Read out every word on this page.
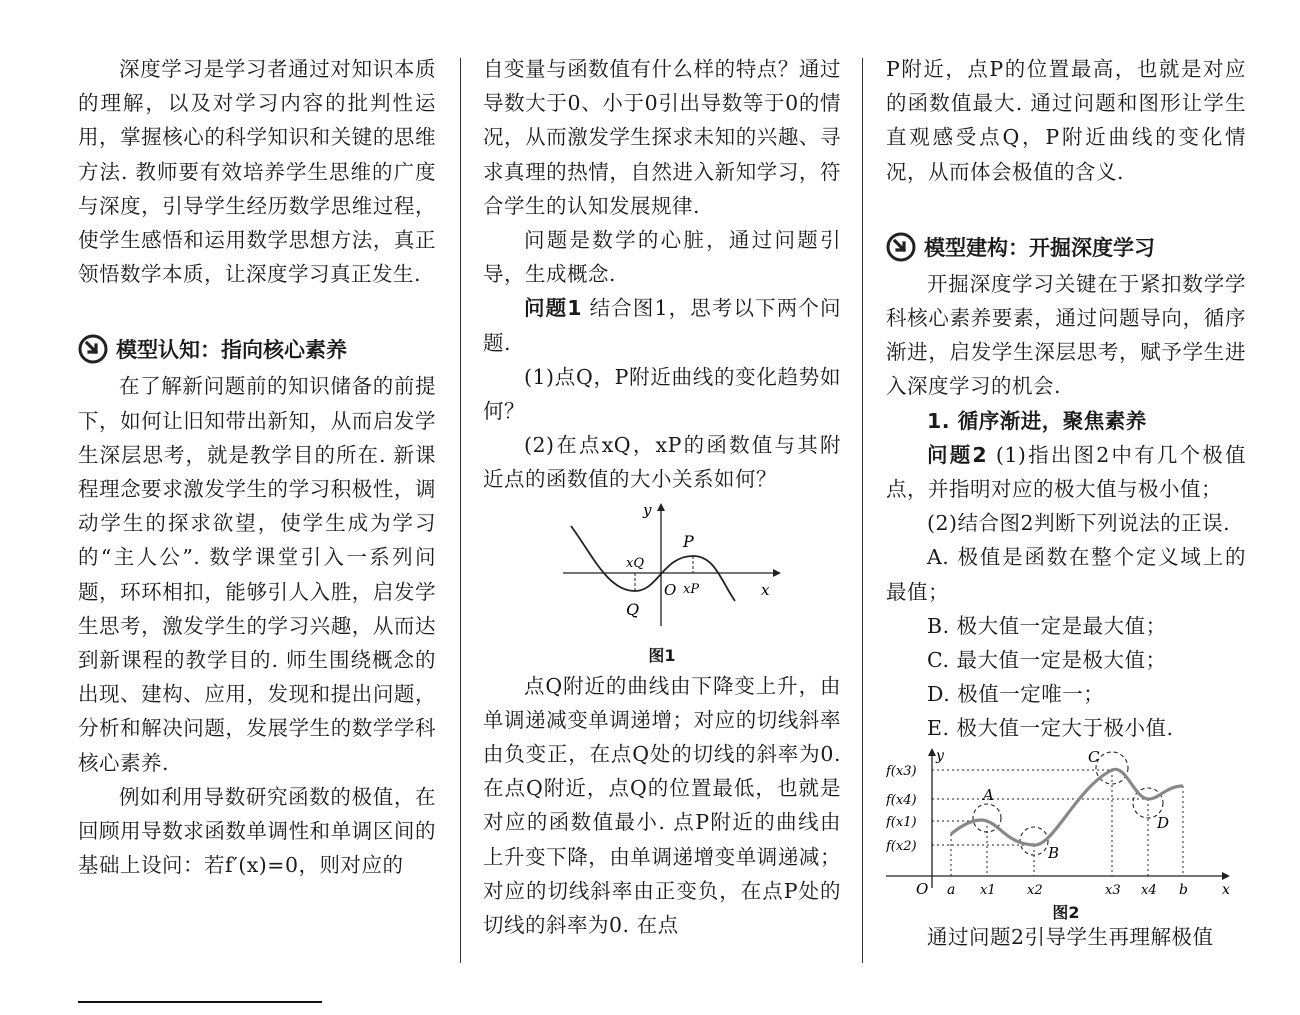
深度学习是学习者通过对知识本质的理解，以及对学习内容的批判性运用，掌握核心的科学知识和关键的思维方法. 教师要有效培养学生思维的广度与深度，引导学生经历数学思维过程，使学生感悟和运用数学思想方法，真正领悟数学本质，让深度学习真正发生.

模型认知：指向核心素养

在了解新问题前的知识储备的前提下，如何让旧知带出新知，从而启发学生深层思考，就是教学目的所在. 新课程理念要求激发学生的学习积极性，调动学生的探求欲望，使学生成为学习的“主人公”. 数学课堂引入一系列问题，环环相扣，能够引人入胜，启发学生思考，激发学生的学习兴趣，从而达到新课程的教学目的. 师生围绕概念的出现、建构、应用，发现和提出问题，分析和解决问题，发展学生的数学学科核心素养.

例如利用导数研究函数的极值，在回顾用导数求函数单调性和单调区间的基础上设问：若f′(x)=0，则对应的

自变量与函数值有什么样的特点？通过导数大于0、小于0引出导数等于0的情况，从而激发学生探求未知的兴趣、寻求真理的热情，自然进入新知学习，符合学生的认知发展规律.

问题是数学的心脏，通过问题引导，生成概念.

问题1 结合图1，思考以下两个问题.

(1)点Q，P附近曲线的变化趋势如何？

(2)在点xQ，xP的函数值与其附近点的函数值的大小关系如何？

y
x
O
P
Q
xQ
xP
图1

点Q附近的曲线由下降变上升，由单调递减变单调递增；对应的切线斜率由负变正，在点Q处的切线的斜率为0. 在点Q附近，点Q的位置最低，也就是对应的函数值最小. 点P附近的曲线由上升变下降，由单调递增变单调递减；对应的切线斜率由正变负，在点P处的切线的斜率为0. 在点

P附近，点P的位置最高，也就是对应的函数值最大. 通过问题和图形让学生直观感受点Q，P附近曲线的变化情况，从而体会极值的含义.

模型建构：开掘深度学习

开掘深度学习关键在于紧扣数学学科核心素养要素，通过问题导向，循序渐进，启发学生深层思考，赋予学生进入深度学习的机会.

1. 循序渐进，聚焦素养

问题2 (1)指出图2中有几个极值点，并指明对应的极大值与极小值；

(2)结合图2判断下列说法的正误.

A. 极值是函数在整个定义域上的最值；

B. 极大值一定是最大值；

C. 最大值一定是极大值；

D. 极值一定唯一；

E. 极大值一定大于极小值.

y
x
O
f(x3)
f(x4)
f(x1)
f(x2)
a x1 x2	x3 x4 b
A
B
C
D
图2

通过问题2引导学生再理解极值
